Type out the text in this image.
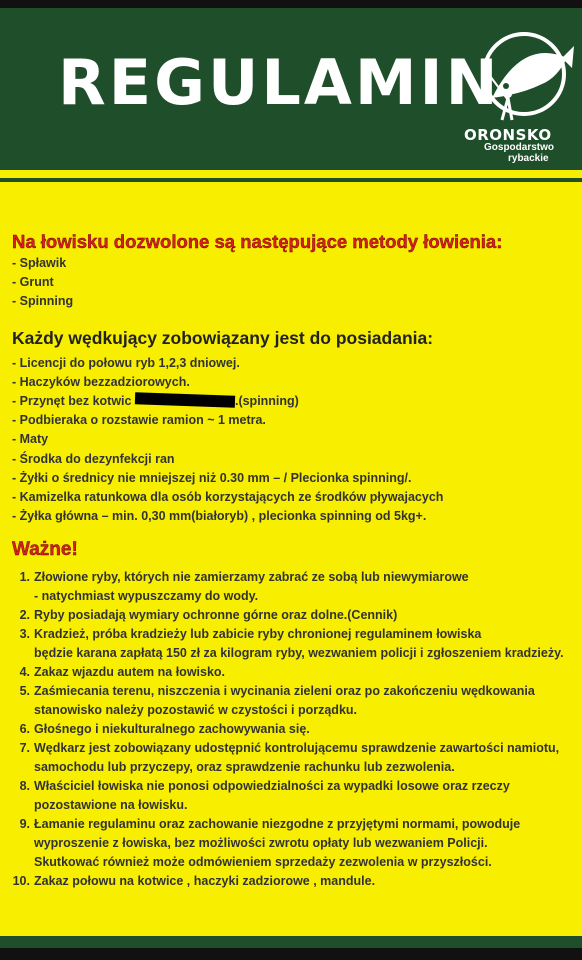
REGULAMIN
ORONSKO
Gospodarstwo
rybackie
Na łowisku dozwolone są następujące metody łowienia:
- Spławik
- Grunt
- Spinning
Każdy wędkujący zobowiązany jest do posiadania:
- Licencji do połowu ryb 1,2,3 dniowej.
- Haczyków bezzadziorowych.
- Przynęt bez kotwic	.(spinning)
- Podbieraka o rozstawie ramion ~ 1 metra.
- Maty
- Środka do dezynfekcji ran
- Żyłki o średnicy nie mniejszej niż 0.30 mm – / Plecionka spinning/.
- Kamizelka ratunkowa dla osób korzystających ze środków pływajacych
- Żyłka główna – min. 0,30 mm(białoryb) , plecionka spinning od 5kg+.
Ważne!
1. Złowione ryby, których nie zamierzamy zabrać ze sobą lub niewymiarowe
- natychmiast wypuszczamy do wody.
2. Ryby posiadają wymiary ochronne górne oraz dolne.(Cennik)
3. Kradzież, próba kradzieży lub zabicie ryby chronionej regulaminem łowiska
będzie karana zapłatą 150 zł za kilogram ryby, wezwaniem policji i zgłoszeniem kradzieży.
4. Zakaz wjazdu autem na łowisko.
5. Zaśmiecania terenu, niszczenia i wycinania zieleni oraz po zakończeniu wędkowania
stanowisko należy pozostawić w czystości i porządku.
6. Głośnego i niekulturalnego zachowywania się.
7. Wędkarz jest zobowiązany udostępnić kontrolującemu sprawdzenie zawartości namiotu,
samochodu lub przyczepy, oraz sprawdzenie rachunku lub zezwolenia.
8. Właściciel łowiska nie ponosi odpowiedzialności za wypadki losowe oraz rzeczy
pozostawione na łowisku.
9. Łamanie regulaminu oraz zachowanie niezgodne z przyjętymi normami, powoduje
wyproszenie z łowiska, bez możliwości zwrotu opłaty lub wezwaniem Policji.
Skutkować również może odmówieniem sprzedaży zezwolenia w przyszłości.
10. Zakaz połowu na kotwice , haczyki zadziorowe , mandule.
